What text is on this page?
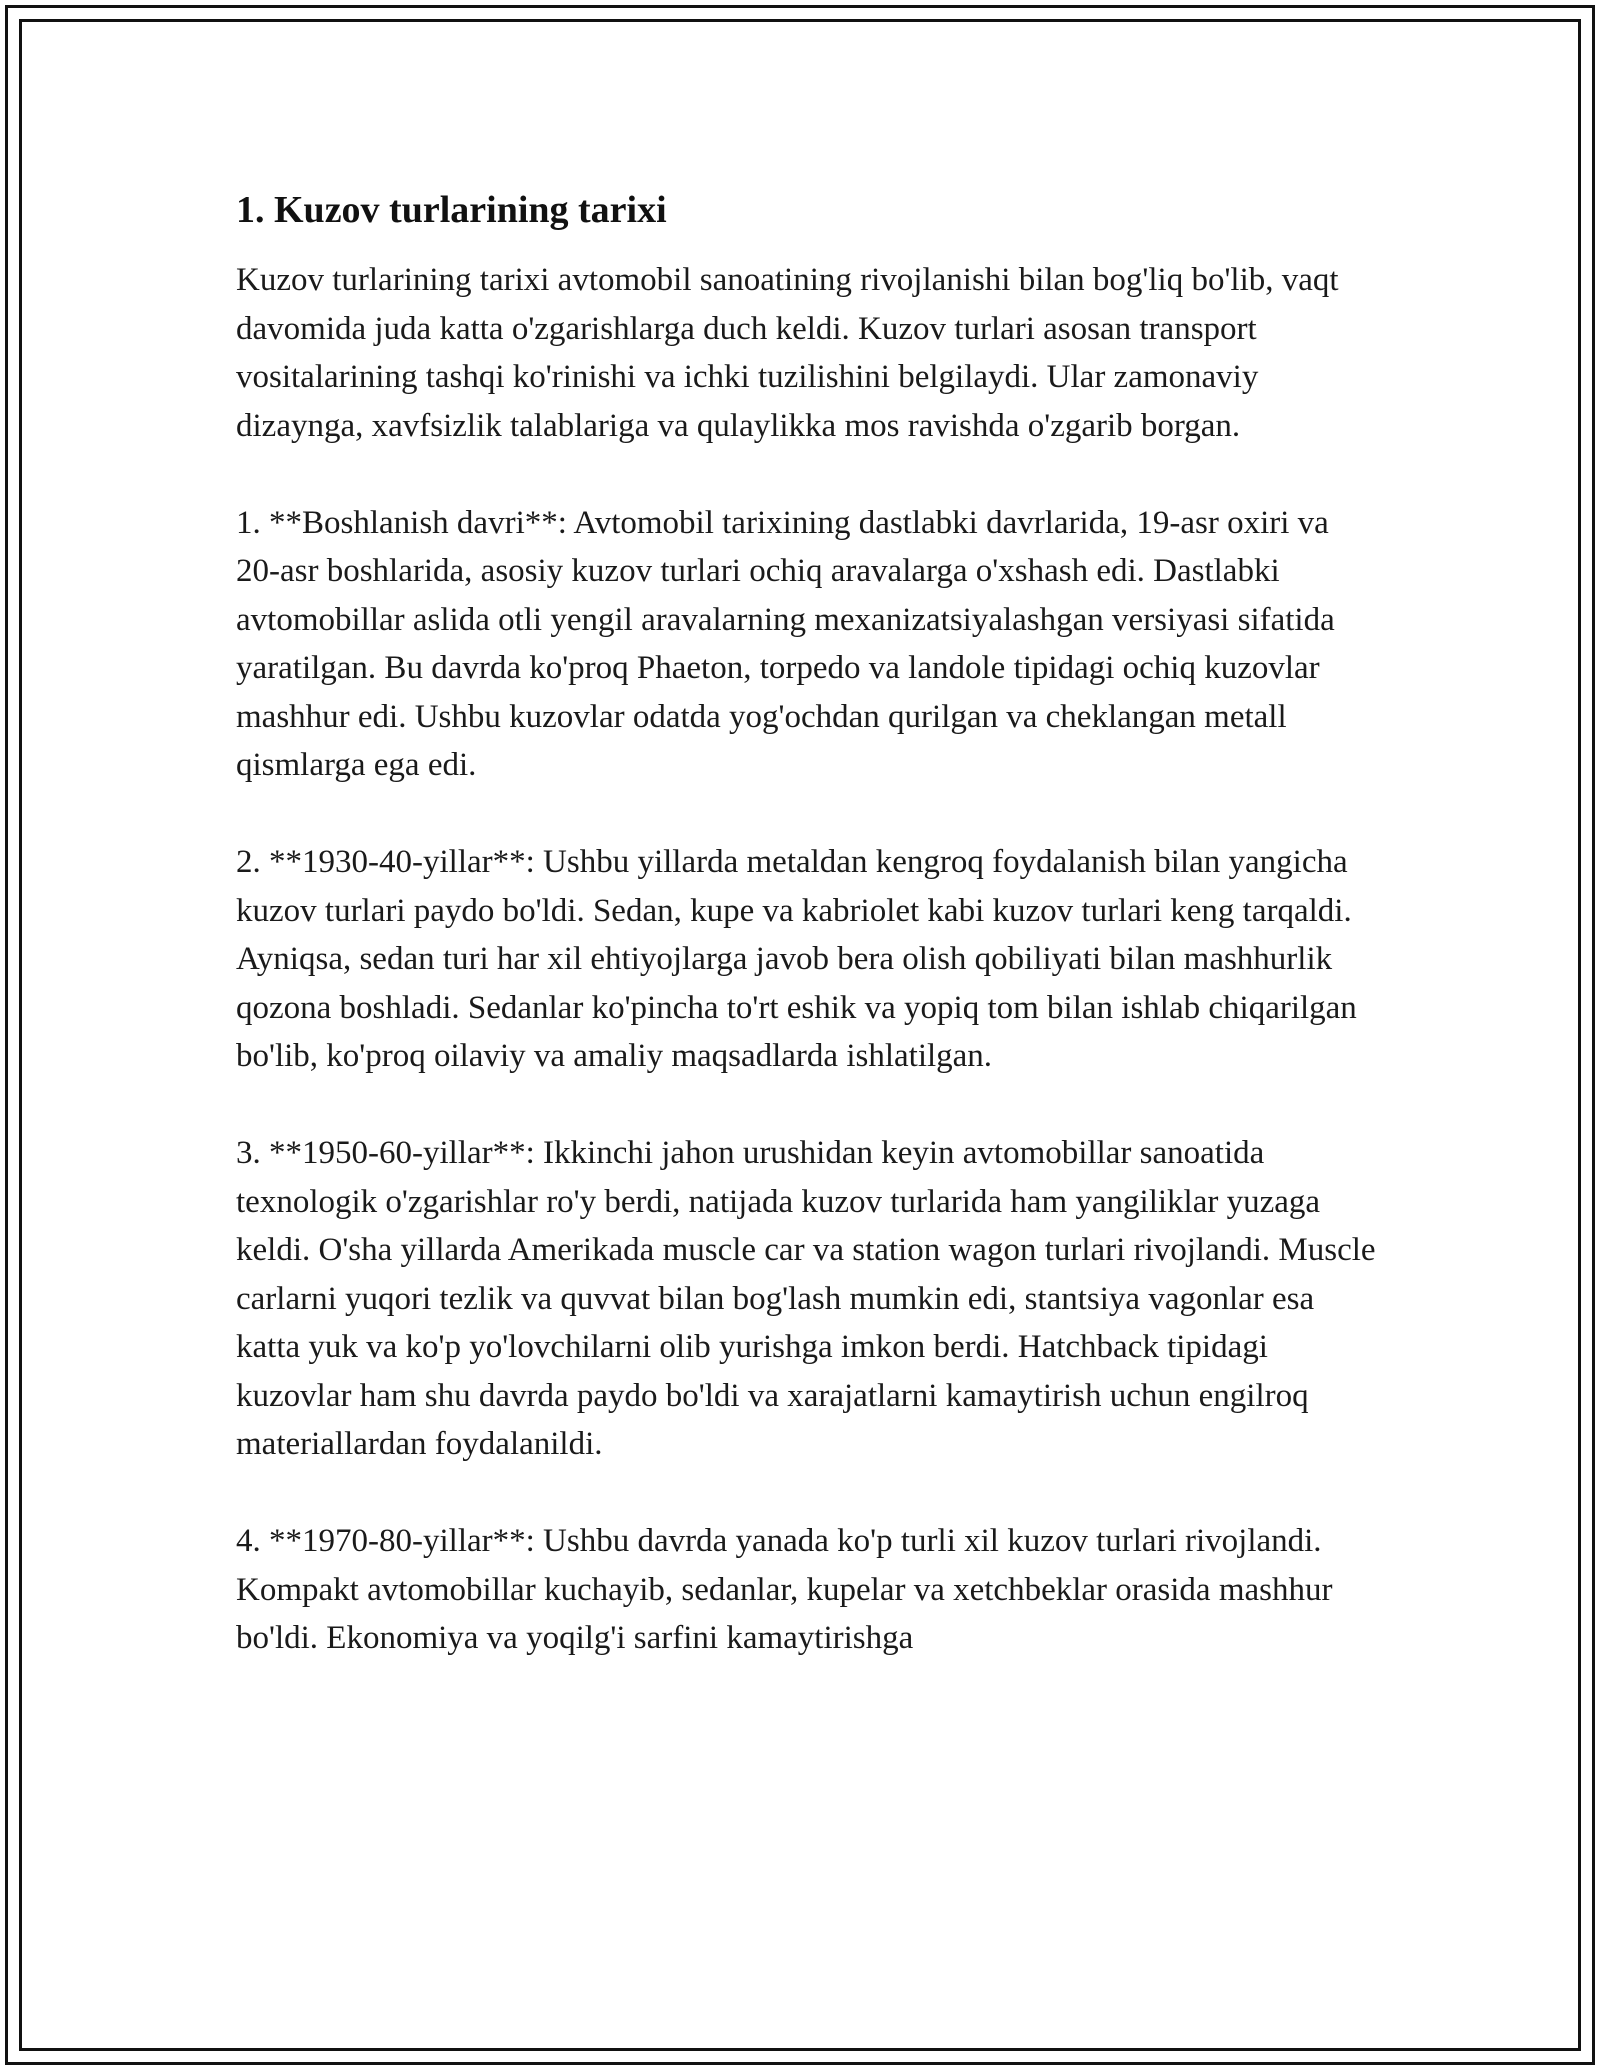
1. Kuzov turlarining tarixi

Kuzov turlarining tarixi avtomobil sanoatining rivojlanishi bilan bog'liq bo'lib, vaqt davomida juda katta o'zgarishlarga duch keldi. Kuzov turlari asosan transport vositalarining tashqi ko'rinishi va ichki tuzilishini belgilaydi. Ular zamonaviy dizaynga, xavfsizlik talablariga va qulaylikka mos ravishda o'zgarib borgan.

1. **Boshlanish davri**: Avtomobil tarixining dastlabki davrlarida, 19-asr oxiri va 20-asr boshlarida, asosiy kuzov turlari ochiq aravalarga o'xshash edi. Dastlabki avtomobillar aslida otli yengil aravalarning mexanizatsiyalashgan versiyasi sifatida yaratilgan. Bu davrda ko'proq Phaeton, torpedo va landole tipidagi ochiq kuzovlar mashhur edi. Ushbu kuzovlar odatda yog'ochdan qurilgan va cheklangan metall qismlarga ega edi.

2. **1930-40-yillar**: Ushbu yillarda metaldan kengroq foydalanish bilan yangicha kuzov turlari paydo bo'ldi. Sedan, kupe va kabriolet kabi kuzov turlari keng tarqaldi. Ayniqsa, sedan turi har xil ehtiyojlarga javob bera olish qobiliyati bilan mashhurlik qozona boshladi. Sedanlar ko'pincha to'rt eshik va yopiq tom bilan ishlab chiqarilgan bo'lib, ko'proq oilaviy va amaliy maqsadlarda ishlatilgan.

3. **1950-60-yillar**: Ikkinchi jahon urushidan keyin avtomobillar sanoatida texnologik o'zgarishlar ro'y berdi, natijada kuzov turlarida ham yangiliklar yuzaga keldi. O'sha yillarda Amerikada muscle car va station wagon turlari rivojlandi. Muscle carlarni yuqori tezlik va quvvat bilan bog'lash mumkin edi, stantsiya vagonlar esa katta yuk va ko'p yo'lovchilarni olib yurishga imkon berdi. Hatchback tipidagi kuzovlar ham shu davrda paydo bo'ldi va xarajatlarni kamaytirish uchun engilroq materiallardan foydalanildi.

4. **1970-80-yillar**: Ushbu davrda yanada ko'p turli xil kuzov turlari rivojlandi. Kompakt avtomobillar kuchayib, sedanlar, kupelar va xetchbeklar orasida mashhur bo'ldi. Ekonomiya va yoqilg'i sarfini kamaytirishga
